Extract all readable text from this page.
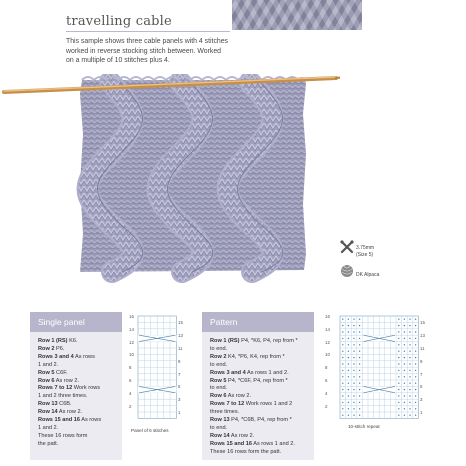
travelling cable
This sample shows three cable panels with 4 stitches
worked in reverse stocking stitch between. Worked
on a multiple of 10 stitches plus 4.
3.75mm
(Size 5)
DK Alpaca
Single panel
Row 1 (RS) K6.
Row 2 P6.
Rows 3 and 4 As rows
1 and 2.
Row 5 C6F.
Row 6 As row 2.
Rows 7 to 12 Work rows
1 and 2 three times.
Row 13 C6B.
Row 14 As row 2.
Rows 15 and 16 As rows
1 and 2.
These 16 rows form
the patt.
16
14
12
10
8
6
4
2
15
13
11
9
7
5
3
1
Panel of 6 stitches
Pattern
Row 1 (RS) P4, *K6, P4, rep from *
to end.
Row 2 K4, *P6, K4, rep from *
to end.
Rows 3 and 4 As rows 1 and 2.
Row 5 P4, *C6F, P4, rep from *
to end.
Row 6 As row 2.
Rows 7 to 12 Work rows 1 and 2
three times.
Row 13 P4, *C6B, P4, rep from *
to end.
Row 14 As row 2.
Rows 15 and 16 As rows 1 and 2.
These 16 rows form the patt.
16
14
12
10
8
6
4
2
15
13
11
9
7
5
3
1
10-stitch repeat
